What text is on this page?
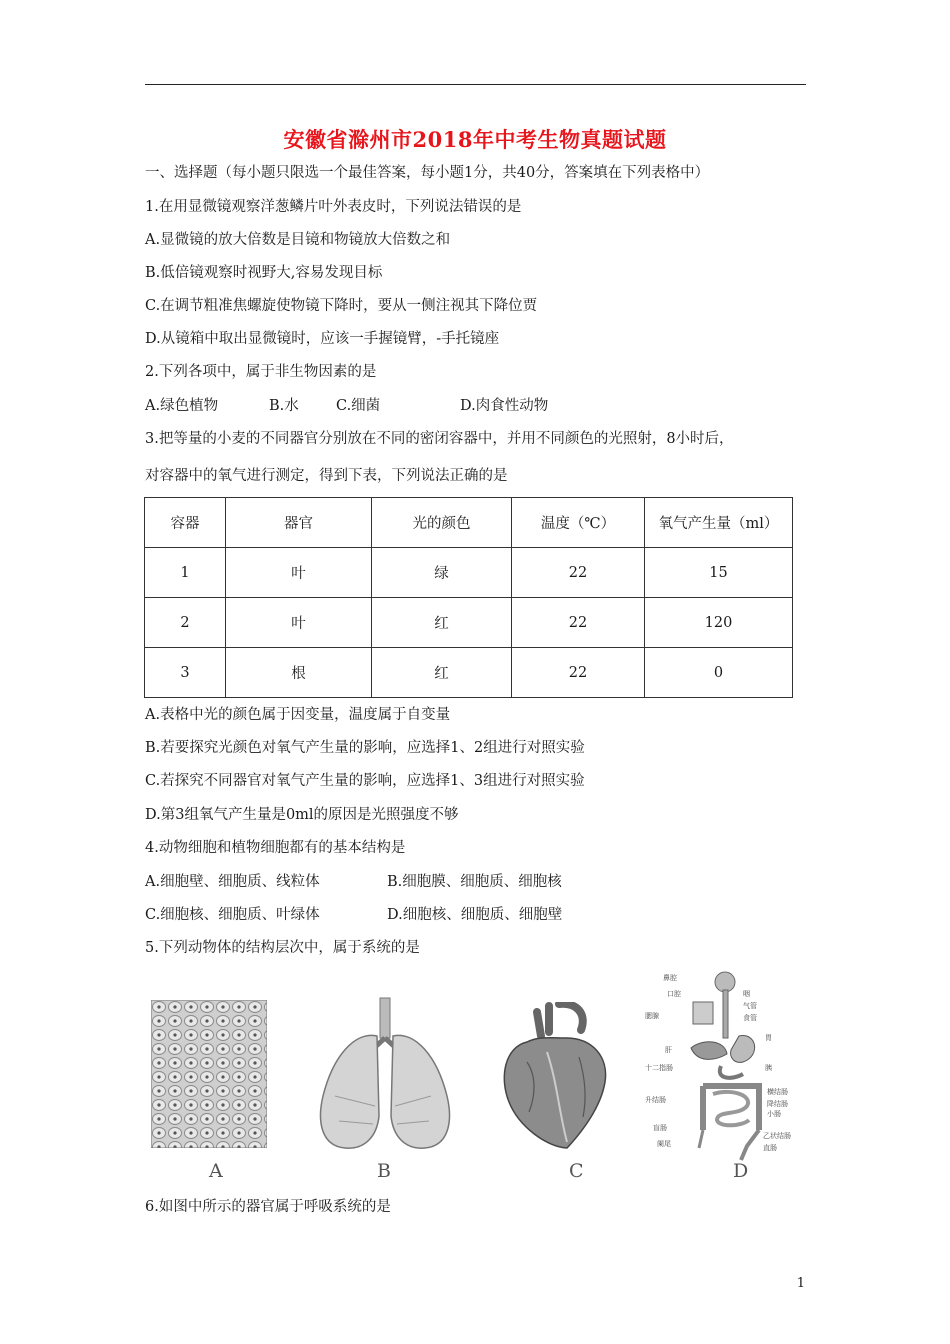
安徽省滁州市2018年中考生物真题试题
一、选择题（每小题只限选一个最佳答案，每小题1分，共40分，答案填在下列表格中）
1.在用显微镜观察洋葱鳞片叶外表皮时，下列说法错误的是
A.显微镜的放大倍数是目镜和物镜放大倍数之和
B.低倍镜观察时视野大,容易发现目标
C.在调节粗准焦螺旋使物镜下降时，要从一侧注视其下降位贾
D.从镜箱中取出显微镜时，应该一手握镜臂，-手托镜座
2.下列各项中，属于非生物因素的是
A.绿色植物	B.水	C.细菌	D.肉食性动物
3.把等量的小麦的不同器官分别放在不同的密闭容器中，并用不同颜色的光照射，8小时后，
对容器中的氧气进行测定，得到下表，下列说法正确的是
容器	器官	光的颜色	温度（℃）	氧气产生量（ml）
1	叶	绿	22	15
2	叶	红	22	120
3	根	红	22	0
A.表格中光的颜色属于因变量，温度属于自变量
B.若要探究光颜色对氧气产生量的影响，应选择1、2组进行对照实验
C.若探究不同器官对氧气产生量的影响，应选择1、3组进行对照实验
D.第3组氧气产生量是0ml的原因是光照强度不够
4.动物细胞和植物细胞都有的基本结构是
A.细胞壁、细胞质、线粒体	B.细胞膜、细胞质、细胞核
C.细胞核、细胞质、叶绿体	D.细胞核、细胞质、细胞壁
5.下列动物体的结构层次中，属于系统的是
A	B	C
鼻腔
口腔	咽
气管
食管
腮腺
胃
肝
十二指肠	胰
升结肠
横结肠
降结肠
小肠
盲肠
阑尾
乙状结肠
直肠
D
6.如图中所示的器官属于呼吸系统的是
1
